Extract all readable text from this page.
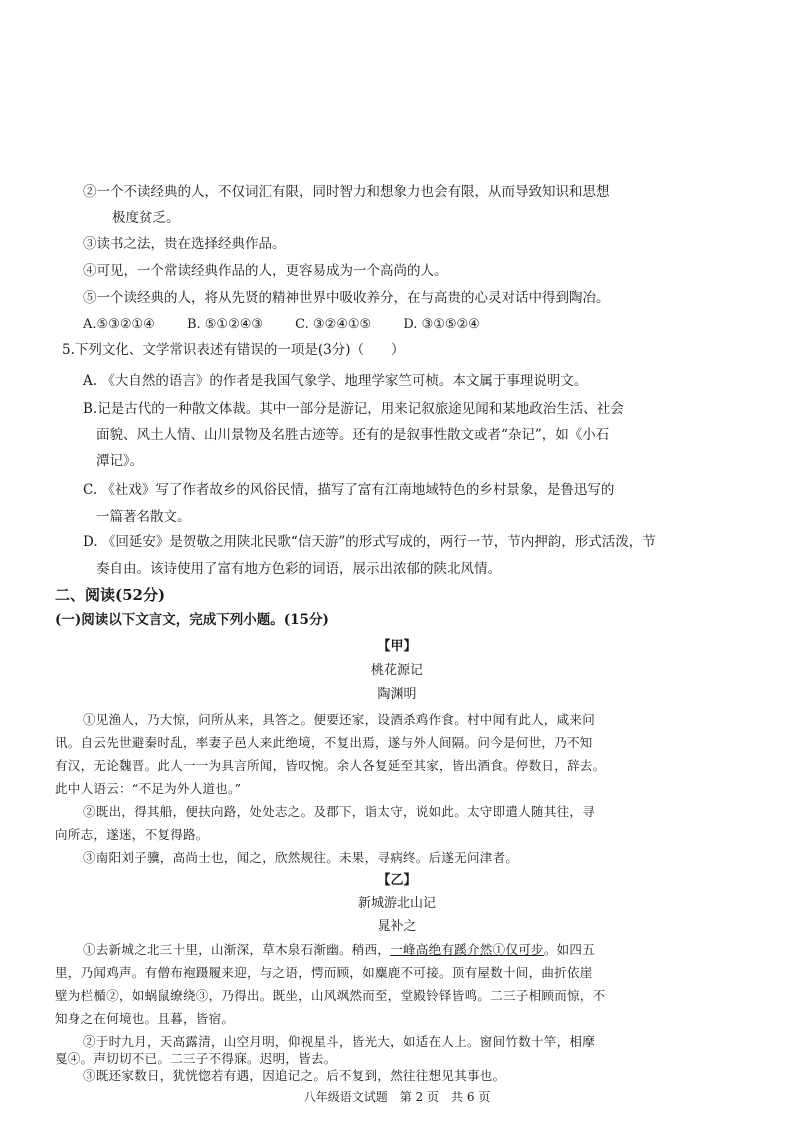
②一个不读经典的人，不仅词汇有限，同时智力和想象力也会有限，从而导致知识和思想

极度贫乏。

③读书之法，贵在选择经典作品。

④可见，一个常读经典作品的人，更容易成为一个高尚的人。

⑤一个读经典的人，将从先贤的精神世界中吸收养分，在与高贵的心灵对话中得到陶冶。

A.⑤③②①④ B. ⑤①②④③ C. ③②④①⑤ D. ③①⑤②④

5.下列文化、文学常识表述有错误的一项是(3分)（　　）

A. 《大自然的语言》的作者是我国气象学、地理学家竺可桢。本文属于事理说明文。

B.记是古代的一种散文体裁。其中一部分是游记，用来记叙旅途见闻和某地政治生活、社会

面貌、风土人情、山川景物及名胜古迹等。还有的是叙事性散文或者“杂记”，如《小石

潭记》。

C. 《社戏》写了作者故乡的风俗民情，描写了富有江南地域特色的乡村景象，是鲁迅写的

一篇著名散文。

D. 《回延安》是贺敬之用陕北民歌“信天游”的形式写成的，两行一节，节内押韵，形式活泼，节

奏自由。该诗使用了富有地方色彩的词语，展示出浓郁的陕北风情。

二、阅读(52分)

(一)阅读以下文言文，完成下列小题。(15分)

【甲】

桃花源记

陶渊明

①见渔人，乃大惊，问所从来，具答之。便要还家，设酒杀鸡作食。村中闻有此人，咸来问

讯。自云先世避秦时乱，率妻子邑人来此绝境，不复出焉，遂与外人间隔。问今是何世，乃不知

有汉，无论魏晋。此人一一为具言所闻，皆叹惋。余人各复延至其家，皆出酒食。停数日，辞去。

此中人语云：“不足为外人道也。”

②既出，得其船，便扶向路，处处志之。及郡下，诣太守，说如此。太守即遣人随其往，寻

向所志，遂迷，不复得路。

③南阳刘子骥，高尚士也，闻之，欣然规往。未果，寻病终。后遂无问津者。

【乙】

新城游北山记

晁补之

①去新城之北三十里，山渐深，草木泉石渐幽。稍西，一峰高绝有蹊介然①仅可步。如四五

里，乃闻鸡声。有僧布袍蹑履来迎，与之语，愕而顾，如麋鹿不可接。顶有屋数十间，曲折依崖

壁为栏楯②，如蜗鼠缭绕③，乃得出。既坐，山风飒然而至，堂殿铃铎皆鸣。二三子相顾而惊，不

知身之在何境也。且暮，皆宿。

②于时九月，天高露清，山空月明，仰视星斗，皆光大，如适在人上。窗间竹数十竿，相摩

戛④。声切切不已。二三子不得寐。迟明，皆去。

③既还家数日，犹恍惚若有遇，因追记之。后不复到，然往往想见其事也。

八年级语文试题　第 2 页　共 6 页
